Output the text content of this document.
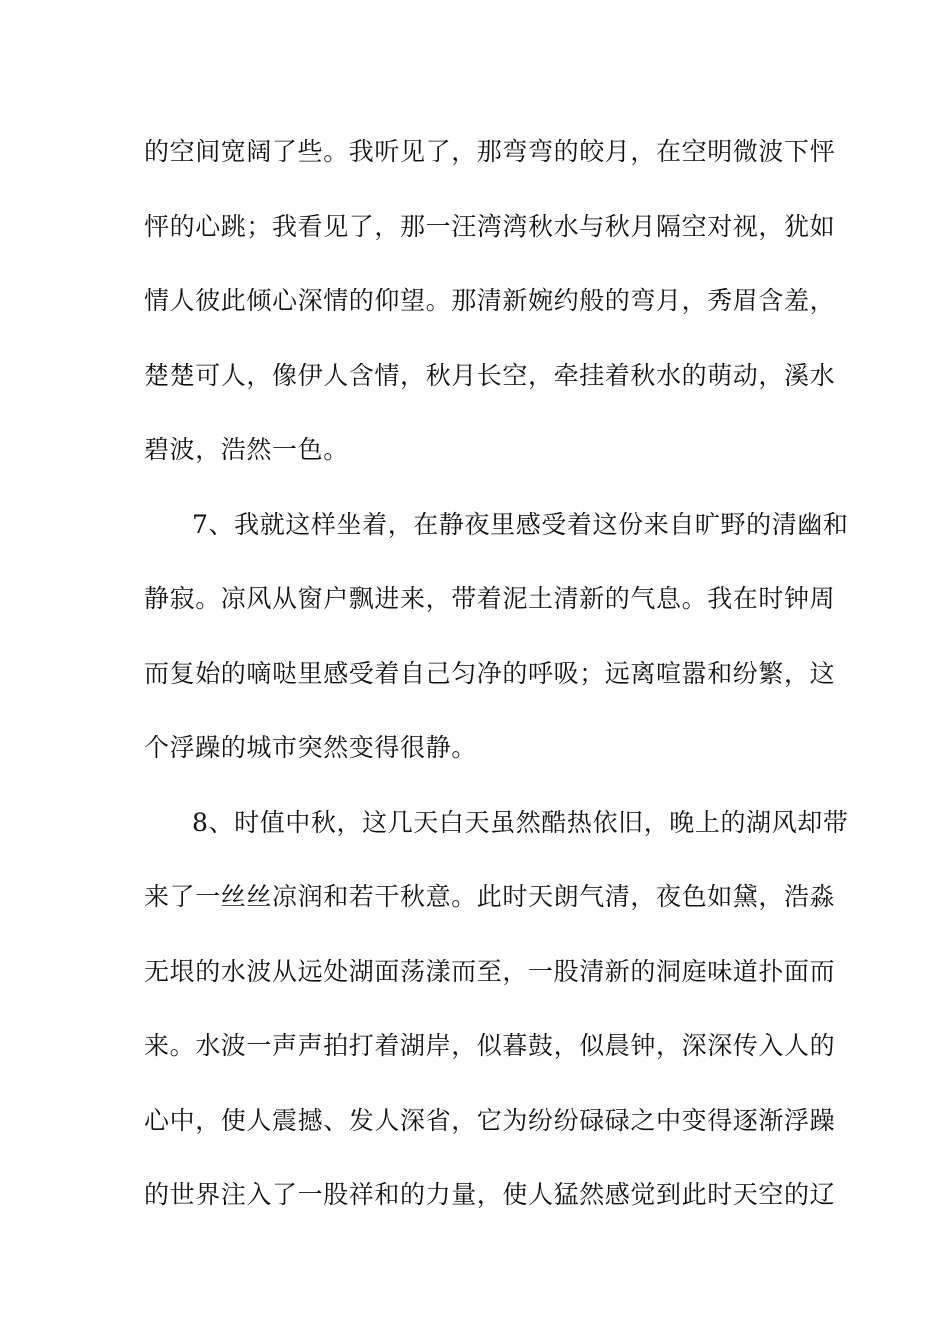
的空间宽阔了些。我听见了，那弯弯的皎月，在空明微波下怦
怦的心跳；我看见了，那一汪湾湾秋水与秋月隔空对视，犹如
情人彼此倾心深情的仰望。那清新婉约般的弯月，秀眉含羞，
楚楚可人，像伊人含情，秋月长空，牵挂着秋水的萌动，溪水
碧波，浩然一色。
7、我就这样坐着，在静夜里感受着这份来自旷野的清幽和
静寂。凉风从窗户飘进来，带着泥土清新的气息。我在时钟周
而复始的嘀哒里感受着自己匀净的呼吸；远离喧嚣和纷繁，这
个浮躁的城市突然变得很静。
8、时值中秋，这几天白天虽然酷热依旧，晚上的湖风却带
来了一丝丝凉润和若干秋意。此时天朗气清，夜色如黛，浩淼
无垠的水波从远处湖面荡漾而至，一股清新的洞庭味道扑面而
来。水波一声声拍打着湖岸，似暮鼓，似晨钟，深深传入人的
心中，使人震撼、发人深省，它为纷纷碌碌之中变得逐渐浮躁
的世界注入了一股祥和的力量，使人猛然感觉到此时天空的辽
